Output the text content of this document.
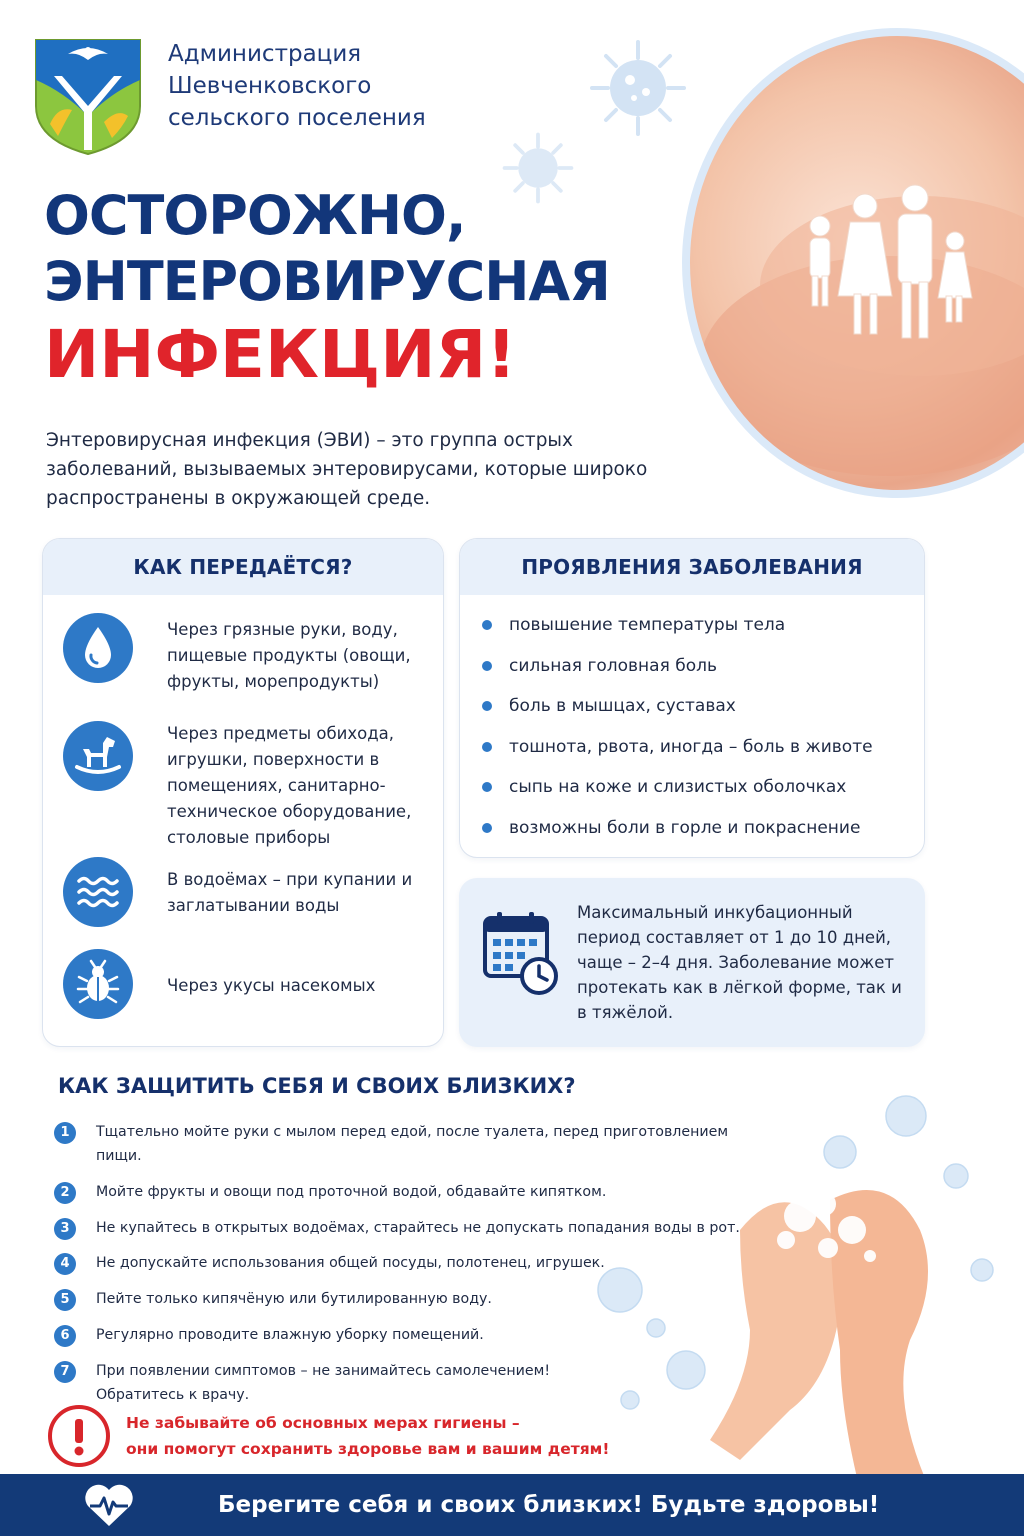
Администрация
Шевченковского
сельского поселения
ОСТОРОЖНО,
ЭНТЕРОВИРУСНАЯ
ИНФЕКЦИЯ!

Энтеровирусная инфекция (ЭВИ) – это группа острых заболеваний, вызываемых энтеровирусами, которые широко распространены в окружающей среде.

КАК ПЕРЕДАЁТСЯ?
Через грязные руки, воду, пищевые продукты (овощи, фрукты, морепродукты)
Через предметы обихода, игрушки, поверхности в помещениях, санитарно-техническое оборудование, столовые приборы
В водоёмах – при купании и заглатывании воды
Через укусы насекомых
ПРОЯВЛЕНИЯ ЗАБОЛЕВАНИЯ
повышение температуры тела
сильная головная боль
боль в мышцах, суставах
тошнота, рвота, иногда – боль в животе
сыпь на коже и слизистых оболочках
возможны боли в горле и покраснение
Максимальный инкубационный период составляет от 1 до 10 дней, чаще – 2–4 дня. Заболевание может протекать как в лёгкой форме, так и в тяжёлой.
КАК ЗАЩИТИТЬ СЕБЯ И СВОИХ БЛИЗКИХ?
1	Тщательно мойте руки с мылом перед едой, после туалета, перед приготовлением пищи.
2	Мойте фрукты и овощи под проточной водой, обдавайте кипятком.
3	Не купайтесь в открытых водоёмах, старайтесь не допускать попадания воды в рот.
4	Не допускайте использования общей посуды, полотенец, игрушек.
5	Пейте только кипячёную или бутилированную воду.
6	Регулярно проводите влажную уборку помещений.
7	При появлении симптомов – не занимайтесь самолечением! Обратитесь к врачу.
Не забывайте об основных мерах гигиены –
они помогут сохранить здоровье вам и вашим детям!
Берегите себя и своих близких! Будьте здоровы!
